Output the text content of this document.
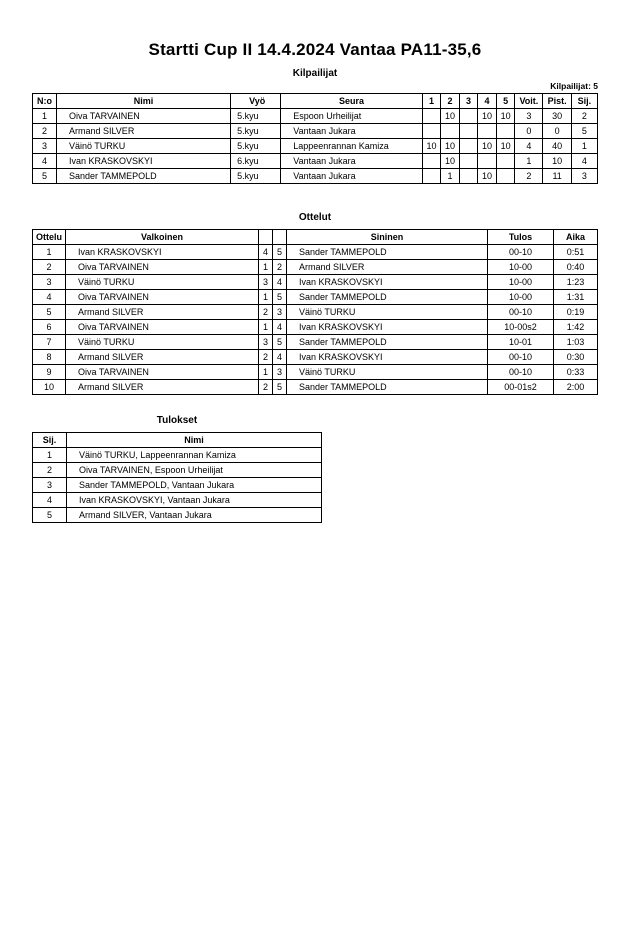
Startti Cup II 14.4.2024 Vantaa PA11-35,6
Kilpailijat
Kilpailijat: 5
N:o	Nimi	Vyö	Seura	1	2	3	4	5	Voit.	Pist.	Sij.
1	Oiva TARVAINEN	5.kyu	Espoon Urheilijat		10		10	10	3	30	2
2	Armand SILVER	5.kyu	Vantaan Jukara						0	0	5
3	Väinö TURKU	5.kyu	Lappeenrannan Kamiza	10	10		10	10	4	40	1
4	Ivan KRASKOVSKYI	6.kyu	Vantaan Jukara		10				1	10	4
5	Sander TAMMEPOLD	5.kyu	Vantaan Jukara		1		10		2	11	3
Ottelut
Ottelu	Valkoinen			Sininen	Tulos	Aika
1	Ivan KRASKOVSKYI	4	5	Sander TAMMEPOLD	00-10	0:51
2	Oiva TARVAINEN	1	2	Armand SILVER	10-00	0:40
3	Väinö TURKU	3	4	Ivan KRASKOVSKYI	10-00	1:23
4	Oiva TARVAINEN	1	5	Sander TAMMEPOLD	10-00	1:31
5	Armand SILVER	2	3	Väinö TURKU	00-10	0:19
6	Oiva TARVAINEN	1	4	Ivan KRASKOVSKYI	10-00s2	1:42
7	Väinö TURKU	3	5	Sander TAMMEPOLD	10-01	1:03
8	Armand SILVER	2	4	Ivan KRASKOVSKYI	00-10	0:30
9	Oiva TARVAINEN	1	3	Väinö TURKU	00-10	0:33
10	Armand SILVER	2	5	Sander TAMMEPOLD	00-01s2	2:00
Tulokset
Sij.	Nimi
1	Väinö TURKU, Lappeenrannan Kamiza
2	Oiva TARVAINEN, Espoon Urheilijat
3	Sander TAMMEPOLD, Vantaan Jukara
4	Ivan KRASKOVSKYI, Vantaan Jukara
5	Armand SILVER, Vantaan Jukara
